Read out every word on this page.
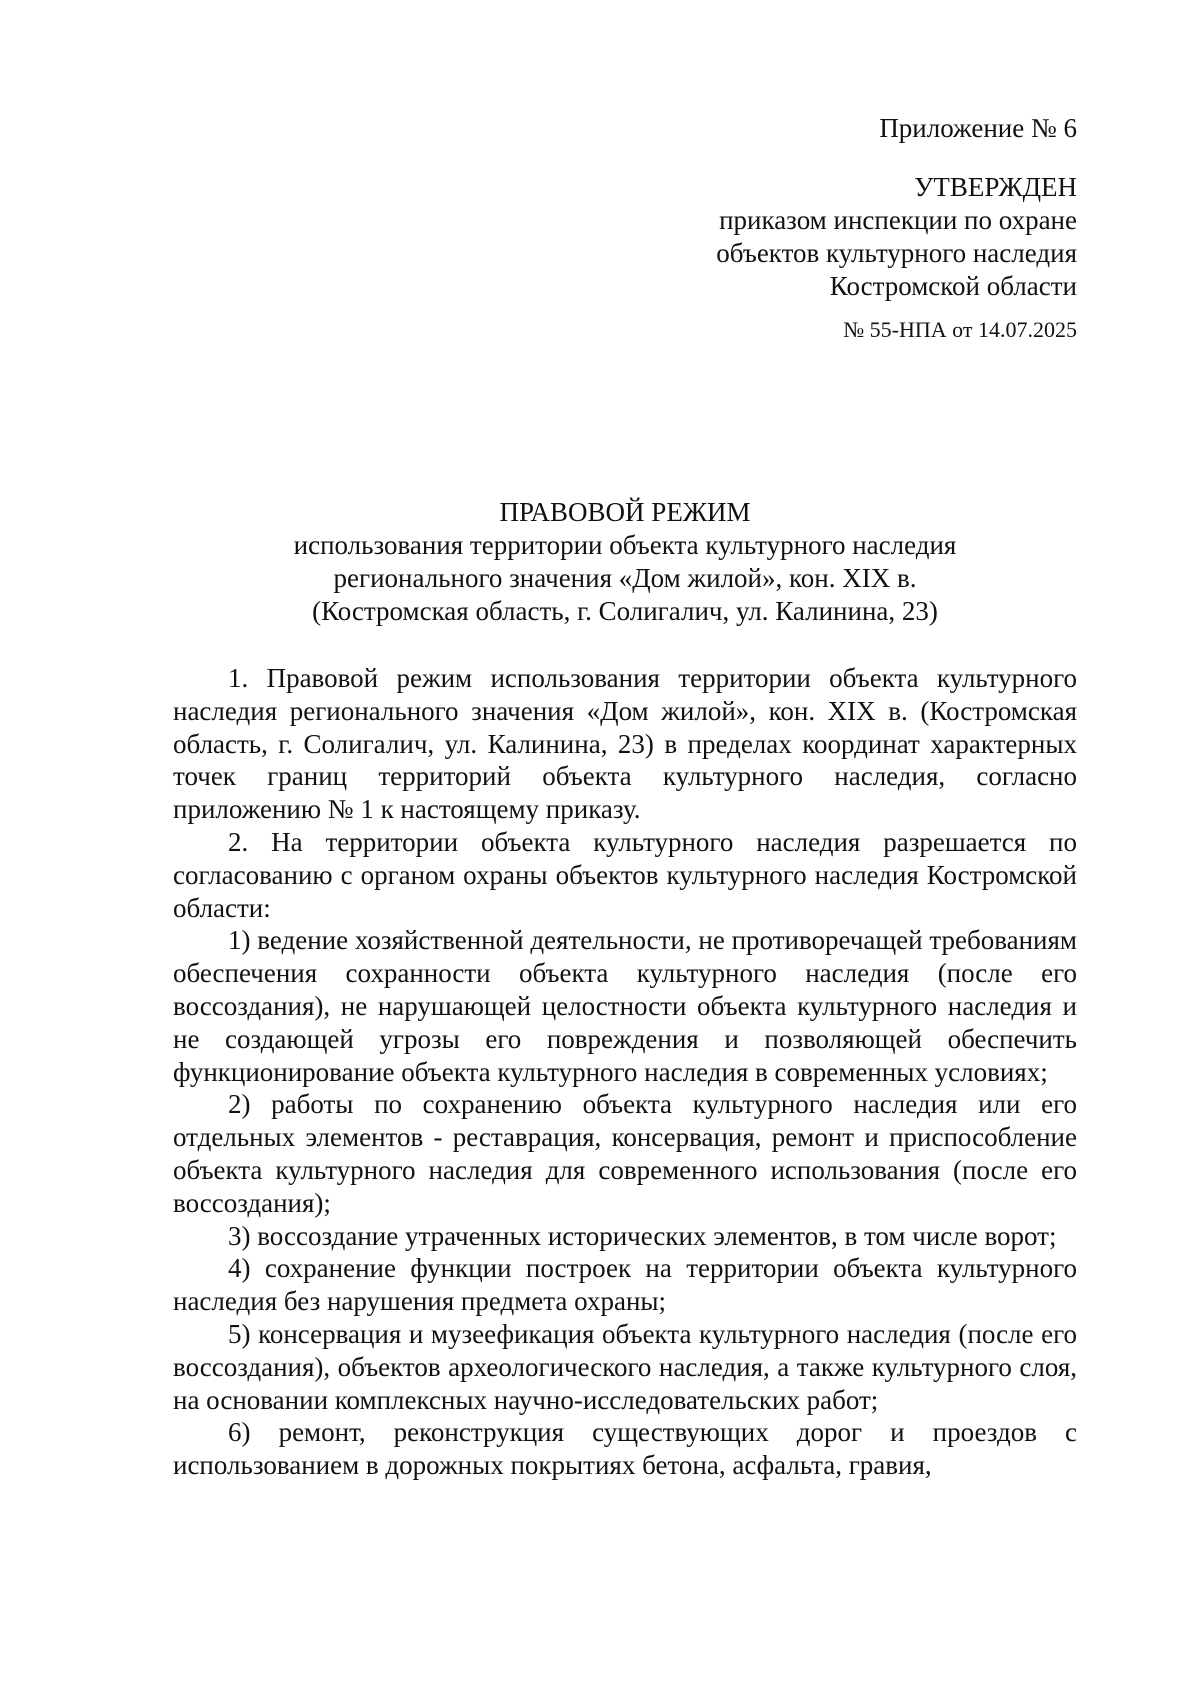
Приложение № 6
УТВЕРЖДЕН
приказом инспекции по охране
объектов культурного наследия
Костромской области
№ 55-НПА от 14.07.2025
ПРАВОВОЙ РЕЖИМ
использования территории объекта культурного наследия
регионального значения «Дом жилой», кон. XIX в.
(Костромская область, г. Солигалич, ул. Калинина, 23)

1. Правовой режим использования территории объекта культурного наследия регионального значения «Дом жилой», кон. XIX в. (Костромская область, г. Солигалич, ул. Калинина, 23) в пределах координат характерных точек границ территорий объекта культурного наследия, согласно приложению № 1 к настоящему приказу.

2. На территории объекта культурного наследия разрешается по согласованию с органом охраны объектов культурного наследия Костромской области:

1) ведение хозяйственной деятельности, не противоречащей требованиям обеспечения сохранности объекта культурного наследия (после его воссоздания), не нарушающей целостности объекта культурного наследия и не создающей угрозы его повреждения и позволяющей обеспечить функционирование объекта культурного наследия в современных условиях;

2) работы по сохранению объекта культурного наследия или его отдельных элементов - реставрация, консервация, ремонт и приспособление объекта культурного наследия для современного использования (после его воссоздания);

3) воссоздание утраченных исторических элементов, в том числе ворот;

4) сохранение функции построек на территории объекта культурного наследия без нарушения предмета охраны;

5) консервация и музеефикация объекта культурного наследия (после его воссоздания), объектов археологического наследия, а также культурного слоя, на основании комплексных научно-исследовательских работ;

6) ремонт, реконструкция существующих дорог и проездов с использованием в дорожных покрытиях бетона, асфальта, гравия,
